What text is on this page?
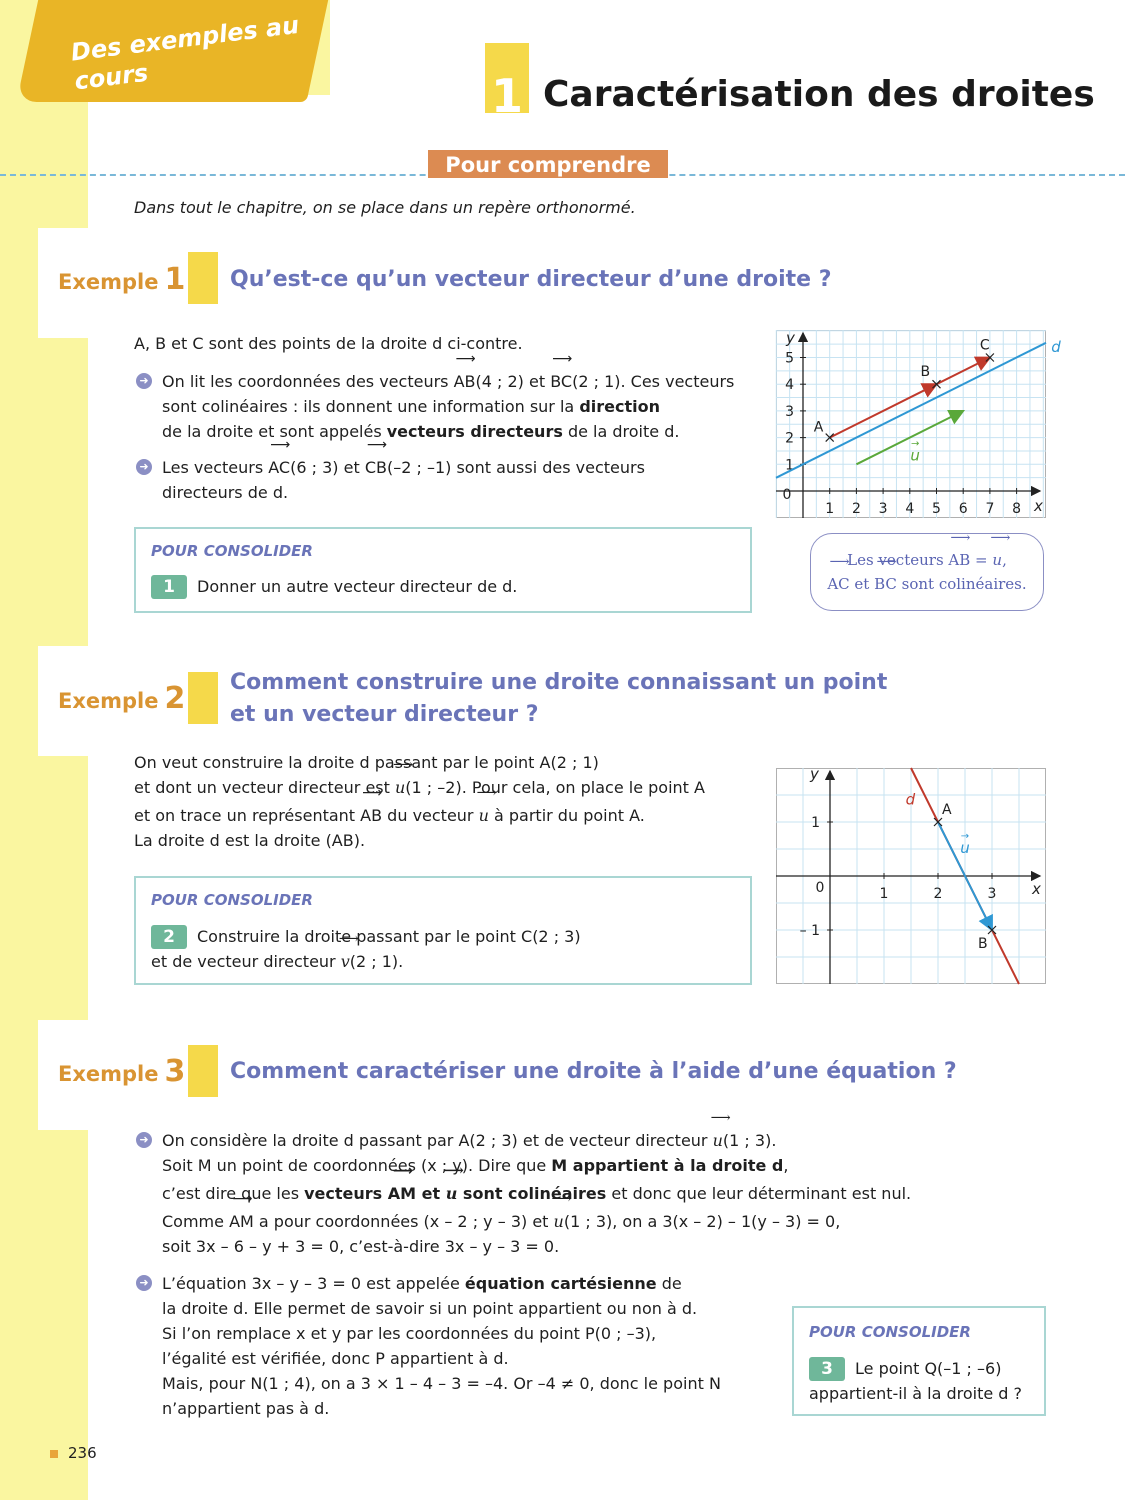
Des exemples au cours	1 Caractérisation des droites
Pour comprendre
Dans tout le chapitre, on se place dans un repère orthonormé.
Exemple 1 Qu’est-ce qu’un vecteur directeur d’une droite ?
A, B et C sont des points de la droite d ci-contre.
➜ On lit les coordonnées des vecteurs ⟶ AB(4 ; 2) et ⟶ BC(2 ; 1). Ces vecteurs
sont colinéaires : ils donnent une information sur la direction
de la droite et sont appelés vecteurs directeurs de la droite d.
➜ Les vecteurs ⟶ AC(6 ; 3) et ⟶ CB(–2 ; –1) sont aussi des vecteurs
directeurs de d.
POUR CONSOLIDER
1 Donner un autre vecteur directeur de d.
1 2 3 4 5 6 7 8
1
2
3
4
5
0
x
y
d
u
→
A
B
C
Les vecteurs ⟶ AB = ⟶ u,
⟶ AC et ⟶ BC sont colinéaires.
Exemple 2 Comment construire une droite connaissant un point
et un vecteur directeur ?
On veut construire la droite d passant par le point A(2 ; 1)
et dont un vecteur directeur est ⟶ u(1 ; –2). Pour cela, on place le point A
et on trace un représentant ⟶ AB du vecteur ⟶ u à partir du point A.
La droite d est la droite (AB).
POUR CONSOLIDER
2 Construire la droite passant par le point C(2 ; 3)
et de vecteur directeur ⟶ v(2 ; 1).
1	2	3
1
– 1
0	x
y
d
u
→
A
B
Exemple 3 Comment caractériser une droite à l’aide d’une équation ?
➜ On considère la droite d passant par A(2 ; 3) et de vecteur directeur ⟶ u(1 ; 3).
Soit M un point de coordonnées (x ; y). Dire que M appartient à la droite d,
c’est dire que les vecteurs ⟶ AM et ⟶ u sont colinéaires et donc que leur déterminant est nul.
Comme ⟶ AM a pour coordonnées (x – 2 ; y – 3) et ⟶ u(1 ; 3), on a 3(x – 2) – 1(y – 3) = 0,
soit 3x – 6 – y + 3 = 0, c’est-à-dire 3x – y – 3 = 0.
➜ L’équation 3x – y – 3 = 0 est appelée équation cartésienne de
la droite d. Elle permet de savoir si un point appartient ou non à d.
Si l’on remplace x et y par les coordonnées du point P(0 ; –3),
l’égalité est vérifiée, donc P appartient à d.
Mais, pour N(1 ; 4), on a 3 × 1 – 4 – 3 = –4. Or –4 ≠ 0, donc le point N
n’appartient pas à d.
POUR CONSOLIDER
3 Le point Q(–1 ; –6)
appartient-il à la droite d ?
236
